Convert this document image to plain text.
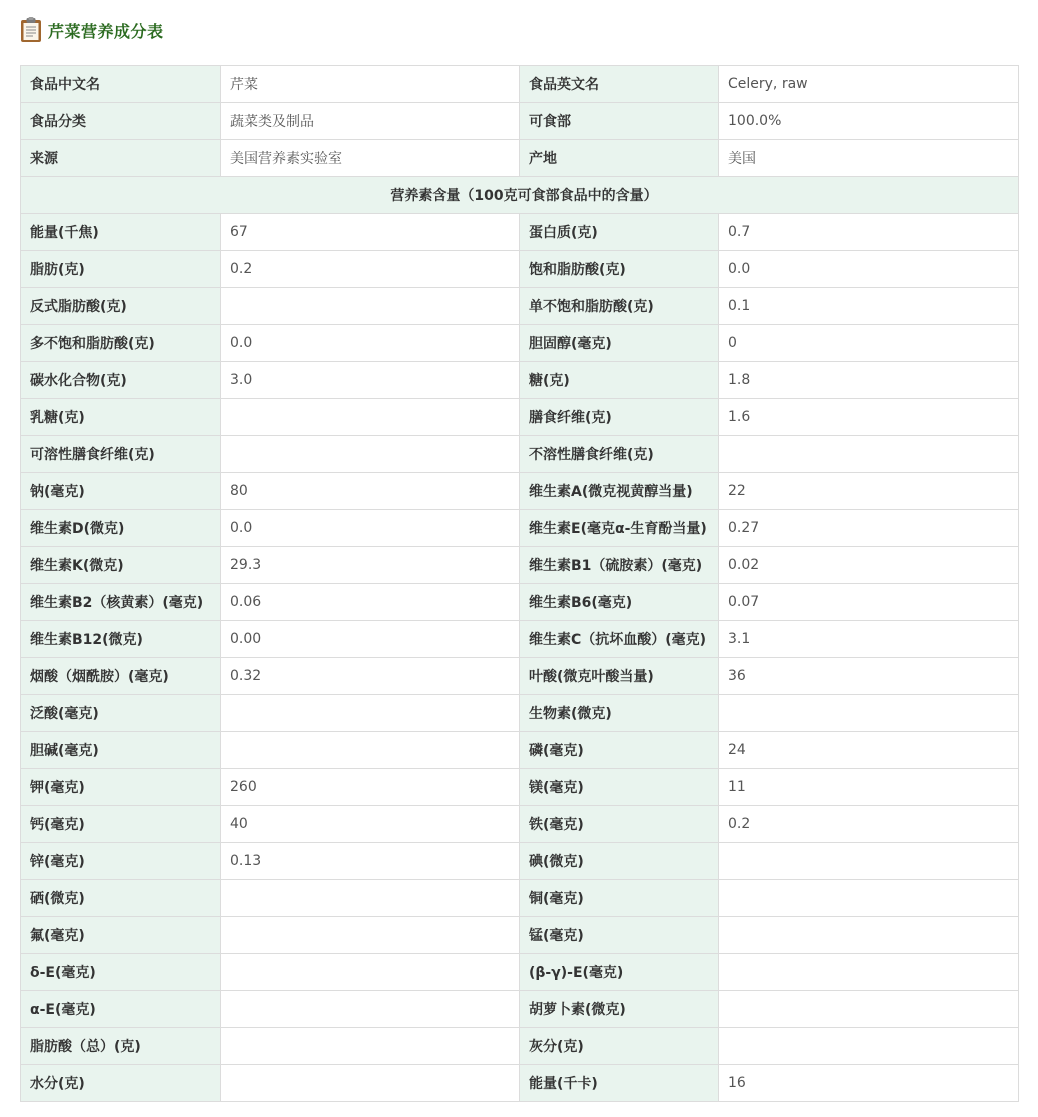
芹菜营养成分表
食品中文名	芹菜	食品英文名	Celery, raw
食品分类	蔬菜类及制品	可食部	100.0%
来源	美国营养素实验室	产地	美国
营养素含量（100克可食部食品中的含量）			
能量(千焦)	67	蛋白质(克)	0.7
脂肪(克)	0.2	饱和脂肪酸(克)	0.0
反式脂肪酸(克)		单不饱和脂肪酸(克)	0.1
多不饱和脂肪酸(克)	0.0	胆固醇(毫克)	0
碳水化合物(克)	3.0	糖(克)	1.8
乳糖(克)		膳食纤维(克)	1.6
可溶性膳食纤维(克)		不溶性膳食纤维(克)	
钠(毫克)	80	维生素A(微克视黄醇当量)	22
维生素D(微克)	0.0	维生素E(毫克α-生育酚当量)	0.27
维生素K(微克)	29.3	维生素B1（硫胺素）(毫克)	0.02
维生素B2（核黄素）(毫克)	0.06	维生素B6(毫克)	0.07
维生素B12(微克)	0.00	维生素C（抗坏血酸）(毫克)	3.1
烟酸（烟酰胺）(毫克)	0.32	叶酸(微克叶酸当量)	36
泛酸(毫克)		生物素(微克)	
胆碱(毫克)		磷(毫克)	24
钾(毫克)	260	镁(毫克)	11
钙(毫克)	40	铁(毫克)	0.2
锌(毫克)	0.13	碘(微克)	
硒(微克)		铜(毫克)	
氟(毫克)		锰(毫克)	
δ-E(毫克)		(β-γ)-E(毫克)	
α-E(毫克)		胡萝卜素(微克)	
脂肪酸（总）(克)		灰分(克)	
水分(克)		能量(千卡)	16
